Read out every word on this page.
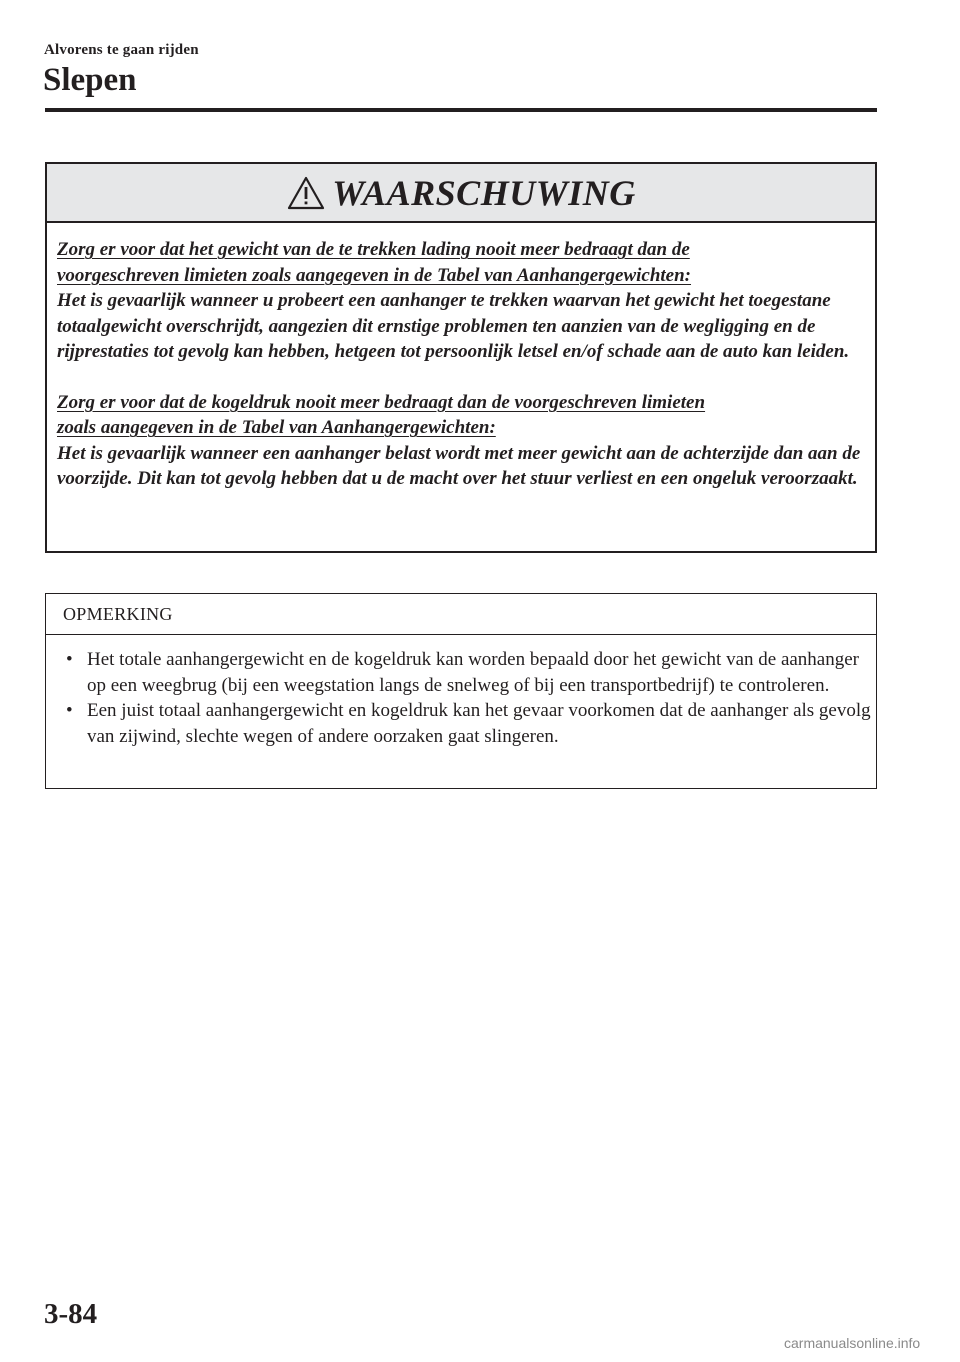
Alvorens te gaan rijden
Slepen
WAARSCHUWING

Zorg er voor dat het gewicht van de te trekken lading nooit meer bedraagt dan de
voorgeschreven limieten zoals aangegeven in de Tabel van Aanhangergewichten:

Het is gevaarlijk wanneer u probeert een aanhanger te trekken waarvan het gewicht het toegestane totaalgewicht overschrijdt, aangezien dit ernstige problemen ten aanzien van de wegligging en de rijprestaties tot gevolg kan hebben, hetgeen tot persoonlijk letsel en/of schade aan de auto kan leiden.

Zorg er voor dat de kogeldruk nooit meer bedraagt dan de voorgeschreven limieten
zoals aangegeven in de Tabel van Aanhangergewichten:

Het is gevaarlijk wanneer een aanhanger belast wordt met meer gewicht aan de achterzijde dan aan de voorzijde. Dit kan tot gevolg hebben dat u de macht over het stuur verliest en een ongeluk veroorzaakt.

OPMERKING
• Het totale aanhangergewicht en de kogeldruk kan worden bepaald door het gewicht van de aanhanger op een weegbrug (bij een weegstation langs de snelweg of bij een transportbedrijf) te controleren.
• Een juist totaal aanhangergewicht en kogeldruk kan het gevaar voorkomen dat de aanhanger als gevolg van zijwind, slechte wegen of andere oorzaken gaat slingeren.
3-84
carmanualsonline.info
